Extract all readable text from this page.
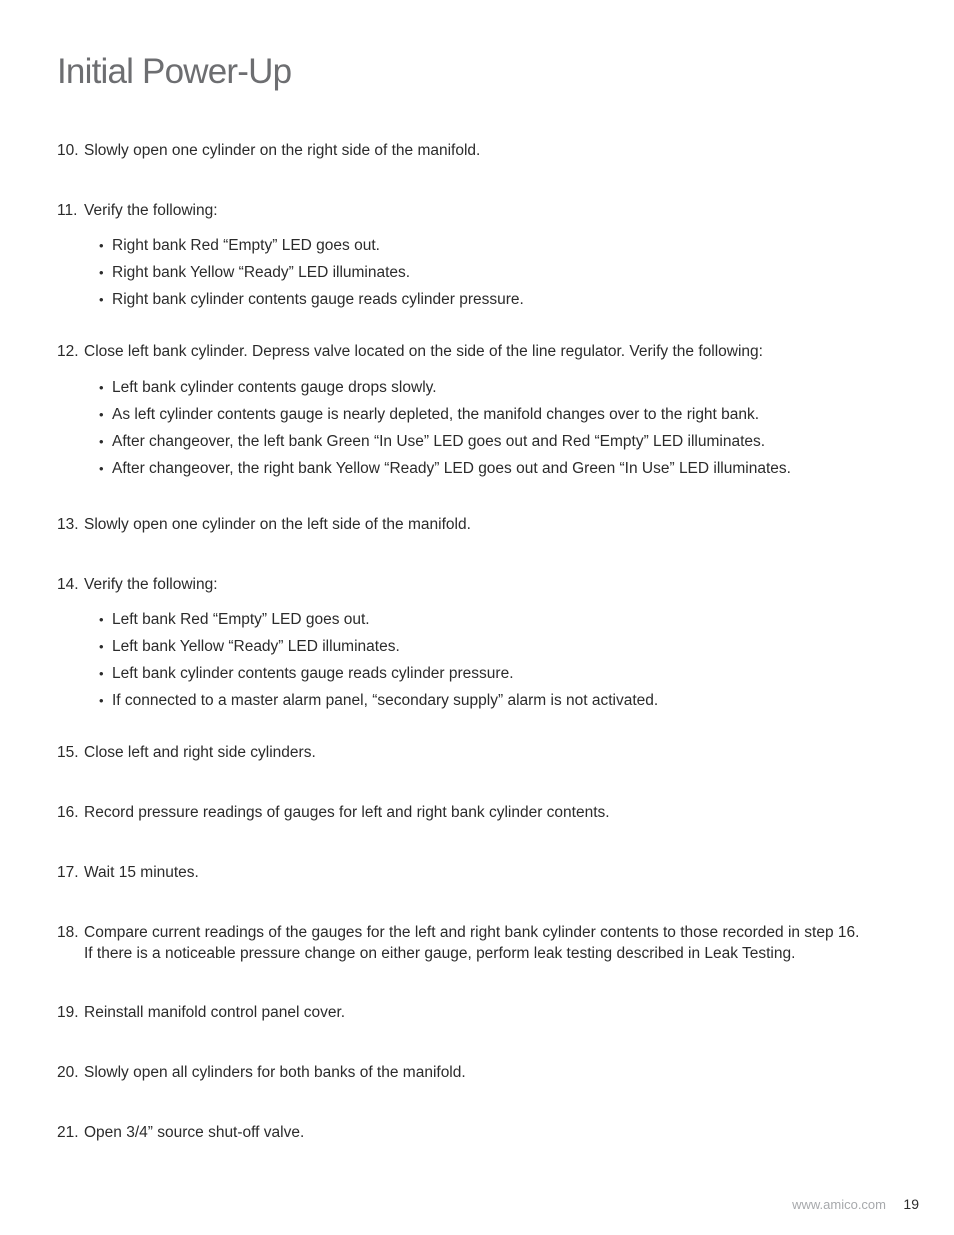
Initial Power-Up
10. Slowly open one cylinder on the right side of the manifold.
11. Verify the following:
• Right bank Red “Empty” LED goes out.
• Right bank Yellow “Ready” LED illuminates.
• Right bank cylinder contents gauge reads cylinder pressure.
12. Close left bank cylinder. Depress valve located on the side of the line regulator. Verify the following:
• Left bank cylinder contents gauge drops slowly.
• As left cylinder contents gauge is nearly depleted, the manifold changes over to the right bank.
• After changeover, the left bank Green “In Use” LED goes out and Red “Empty” LED illuminates.
• After changeover, the right bank Yellow “Ready” LED goes out and Green “In Use” LED illuminates.
13. Slowly open one cylinder on the left side of the manifold.
14. Verify the following:
• Left bank Red “Empty” LED goes out.
• Left bank Yellow “Ready” LED illuminates.
• Left bank cylinder contents gauge reads cylinder pressure.
• If connected to a master alarm panel, “secondary supply” alarm is not activated.
15. Close left and right side cylinders.
16. Record pressure readings of gauges for left and right bank cylinder contents.
17. Wait 15 minutes.
18. Compare current readings of the gauges for the left and right bank cylinder contents to those recorded in step 16.
If there is a noticeable pressure change on either gauge, perform leak testing described in Leak Testing.
19. Reinstall manifold control panel cover.
20. Slowly open all cylinders for both banks of the manifold.
21. Open 3/4” source shut-off valve.
www.amico.com 19
